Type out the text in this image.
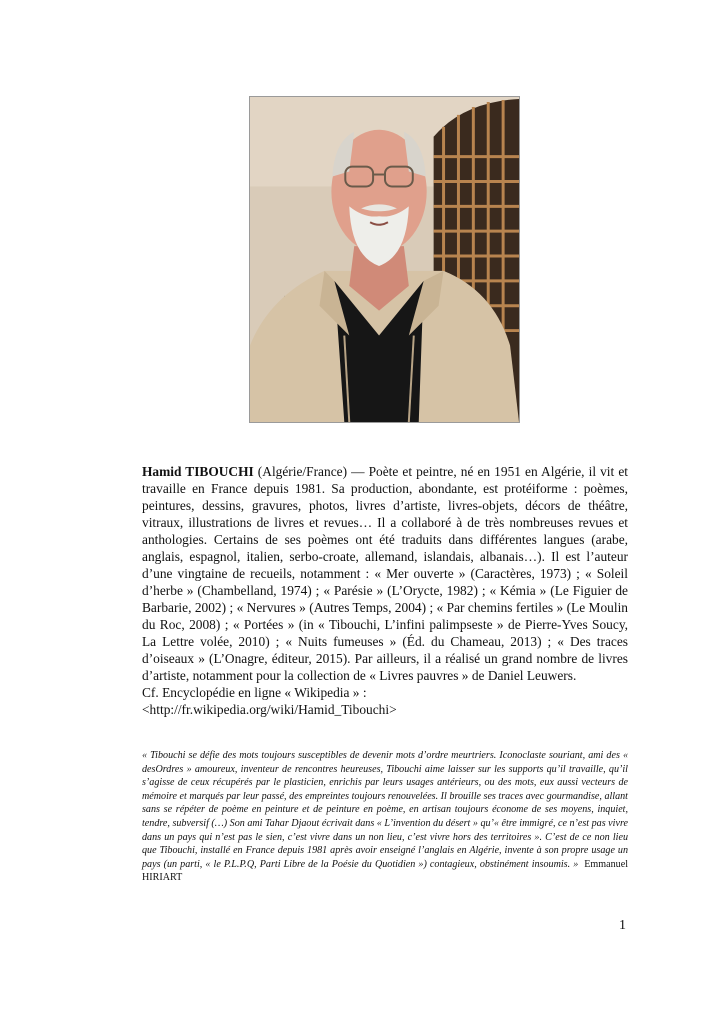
Hamid TIBOUCHI (Algérie/France) — Poète et peintre, né en 1951 en Algérie, il vit et travaille en France depuis 1981. Sa production, abondante, est protéiforme : poèmes, peintures, dessins, gravures, photos, livres d’artiste, livres-objets, décors de théâtre, vitraux, illustrations de livres et revues… Il a collaboré à de très nombreuses revues et anthologies. Certains de ses poèmes ont été traduits dans différentes langues (arabe, anglais, espagnol, italien, serbo-croate, allemand, islandais, albanais…). Il est l’auteur d’une vingtaine de recueils, notamment : « Mer ouverte » (Caractères, 1973) ; « Soleil d’herbe » (Chambelland, 1974) ; « Parésie » (L’Orycte, 1982) ; « Kémia » (Le Figuier de Barbarie, 2002) ; « Nervures » (Autres Temps, 2004) ; « Par chemins fertiles » (Le Moulin du Roc, 2008) ; « Portées » (in « Tibouchi, L’infini palimpseste » de Pierre-Yves Soucy, La Lettre volée, 2010) ; « Nuits fumeuses » (Éd. du Chameau, 2013) ; « Des traces d’oiseaux » (L’Onagre, éditeur, 2015). Par ailleurs, il a réalisé un grand nombre de livres d’artiste, notamment pour la collection de « Livres pauvres » de Daniel Leuwers.

Cf. Encyclopédie en ligne « Wikipedia » :
<http://fr.wikipedia.org/wiki/Hamid_Tibouchi>
« Tibouchi se défie des mots toujours susceptibles de devenir mots d’ordre meurtriers. Iconoclaste souriant, ami des « desOrdres » amoureux, inventeur de rencontres heureuses, Tibouchi aime laisser sur les supports qu’il travaille, qu’il s’agisse de ceux récupérés par le plasticien, enrichis par leurs usages antérieurs, ou des mots, eux aussi vecteurs de mémoire et marqués par leur passé, des empreintes toujours renouvelées. Il brouille ses traces avec gourmandise, allant sans se répéter de poème en peinture et de peinture en poème, en artisan toujours économe de ses moyens, inquiet, tendre, subversif (…) Son ami Tahar Djaout écrivait dans « L’invention du désert » qu’« être immigré, ce n’est pas vivre dans un pays qui n’est pas le sien, c’est vivre dans un non lieu, c’est vivre hors des territoires ». C’est de ce non lieu que Tibouchi, installé en France depuis 1981 après avoir enseigné l’anglais en Algérie, invente à son propre usage un pays (un parti, « le P.L.P.Q, Parti Libre de la Poésie du Quotidien ») contagieux, obstinément insoumis. » Emmanuel HIRIART
1
